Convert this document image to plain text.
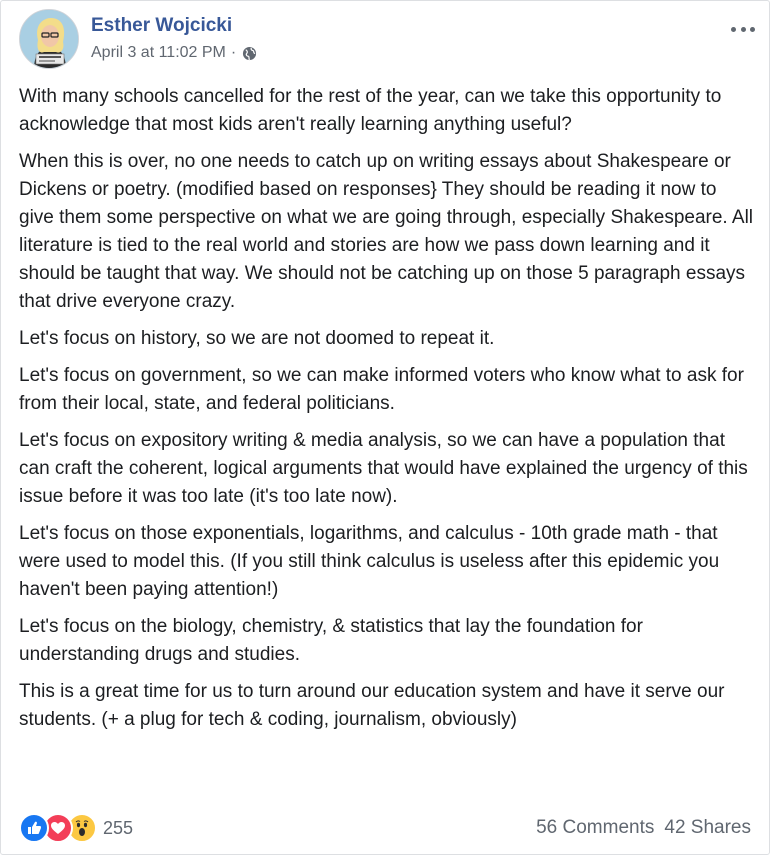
Esther Wojcicki
April 3 at 11:02 PM ·

With many schools cancelled for the rest of the year, can we take this opportunity to acknowledge that most kids aren't really learning anything useful?

When this is over, no one needs to catch up on writing essays about Shakespeare or Dickens or poetry. (modified based on responses} They should be reading it now to give them some perspective on what we are going through, especially Shakespeare. All literature is tied to the real world and stories are how we pass down learning and it should be taught that way. We should not be catching up on those 5 paragraph essays that drive everyone crazy.

Let's focus on history, so we are not doomed to repeat it.

Let's focus on government, so we can make informed voters who know what to ask for from their local, state, and federal politicians.

Let's focus on expository writing & media analysis, so we can have a population that can craft the coherent, logical arguments that would have explained the urgency of this issue before it was too late (it's too late now).

Let's focus on those exponentials, logarithms, and calculus - 10th grade math - that were used to model this. (If you still think calculus is useless after this epidemic you haven't been paying attention!)

Let's focus on the biology, chemistry, & statistics that lay the foundation for understanding drugs and studies.

This is a great time for us to turn around our education system and have it serve our students. (+ a plug for tech & coding, journalism, obviously)

255	56 Comments 42 Shares
